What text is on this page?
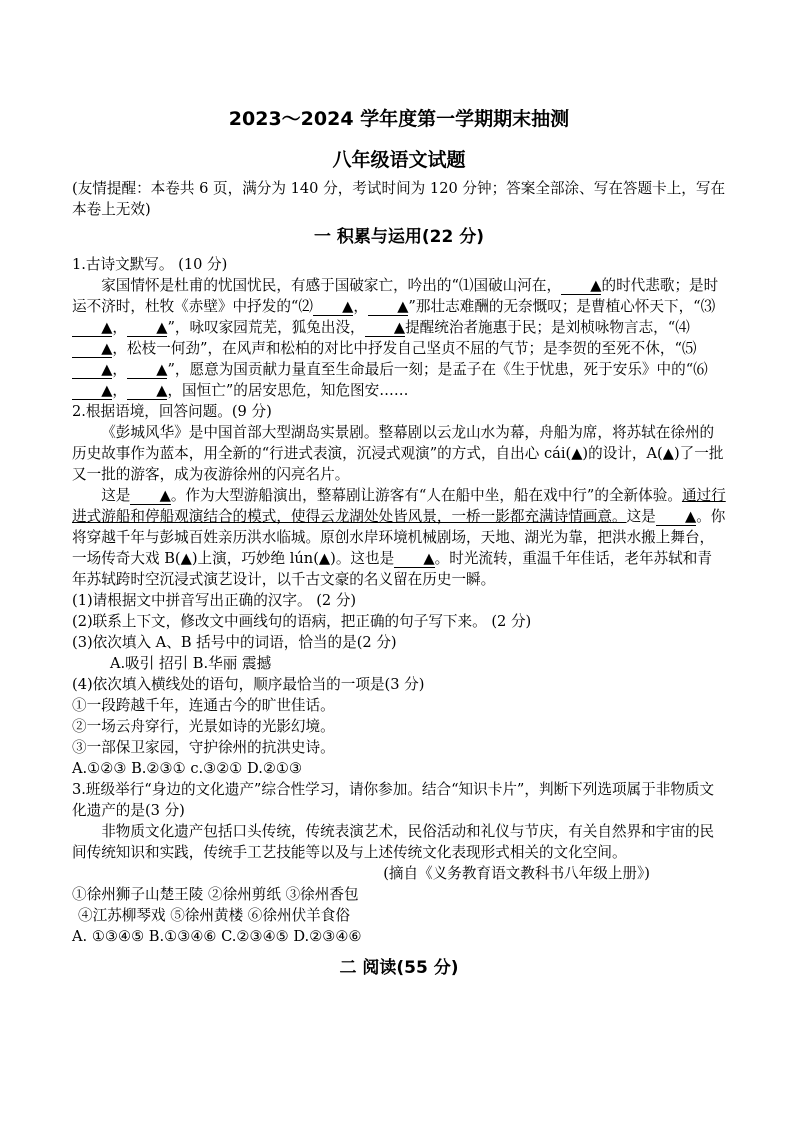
2023～2024 学年度第一学期期末抽测
八年级语文试题

(友情提醒：本卷共 6 页，满分为 140 分，考试时间为 120 分钟；答案全部涂、写在答题卡上，写在本卷上无效)

一 积累与运用(22 分)

1.古诗文默写。 (10 分)

家国情怀是杜甫的忧国忧民，有感于国破家亡，吟出的“⑴国破山河在， ▲的时代悲歌；是时运不济时，杜牧《赤壁》中抒发的“⑵ ▲， ▲”那壮志难酬的无奈慨叹；是曹植心怀天下，“⑶▲， ▲”，咏叹家园荒芜，狐兔出没， ▲提醒统治者施惠于民；是刘桢咏物言志，“⑷▲，松枝一何劲”，在风声和松柏的对比中抒发自己坚贞不屈的气节；是李贺的至死不休，“⑸▲， ▲”，愿意为国贡献力量直至生命最后一刻；是孟子在《生于忧患，死于安乐》中的“⑹▲， ▲，国恒亡”的居安思危，知危图安……

2.根据语境，回答问题。(9 分)

《彭城风华》是中国首部大型湖岛实景剧。整幕剧以云龙山水为幕，舟船为席，将苏轼在徐州的历史故事作为蓝本，用全新的“行进式表演，沉浸式观演”的方式，自出心 cái(▲)的设计，A(▲)了一批又一批的游客，成为夜游徐州的闪亮名片。

这是 ▲。作为大型游船演出，整幕剧让游客有“人在船中坐，船在戏中行”的全新体验。通过行进式游船和停船观演结合的模式，使得云龙湖处处皆风景，一桥一影都充满诗情画意。这是 ▲。你将穿越千年与彭城百姓亲历洪水临城。原创水岸环境机械剧场，天地、湖光为靠，把洪水搬上舞台，一场传奇大戏 B(▲)上演，巧妙绝 lún(▲)。这也是 ▲。时光流转，重温千年佳话，老年苏轼和青年苏轼跨时空沉浸式演艺设计，以千古文豪的名义留在历史一瞬。

(1)请根据文中拼音写出正确的汉字。 (2 分)

(2)联系上下文，修改文中画线句的语病，把正确的句子写下来。 (2 分)

(3)依次填入 A、B 括号中的词语，恰当的是(2 分)

A.吸引 招引 B.华丽 震撼

(4)依次填入横线处的语句，顺序最恰当的一项是(3 分)

①一段跨越千年，连通古今的旷世佳话。

②一场云舟穿行，光景如诗的光影幻境。

③一部保卫家园，守护徐州的抗洪史诗。

A.①②③ B.②③① c.③②① D.②①③

3.班级举行“身边的文化遗产”综合性学习，请你参加。结合“知识卡片”，判断下列选项属于非物质文化遗产的是(3 分)

非物质文化遗产包括口头传统，传统表演艺术，民俗活动和礼仪与节庆，有关自然界和宇宙的民间传统知识和实践，传统手工艺技能等以及与上述传统文化表现形式相关的文化空间。

(摘自《义务教育语文教科书八年级上册》)

①徐州狮子山楚王陵 ②徐州剪纸 ③徐州香包

④江苏柳琴戏 ⑤徐州黄楼 ⑥徐州伏羊食俗

A. ①③④⑤ B.①③④⑥ C.②③④⑤ D.②③④⑥

二 阅读(55 分)
